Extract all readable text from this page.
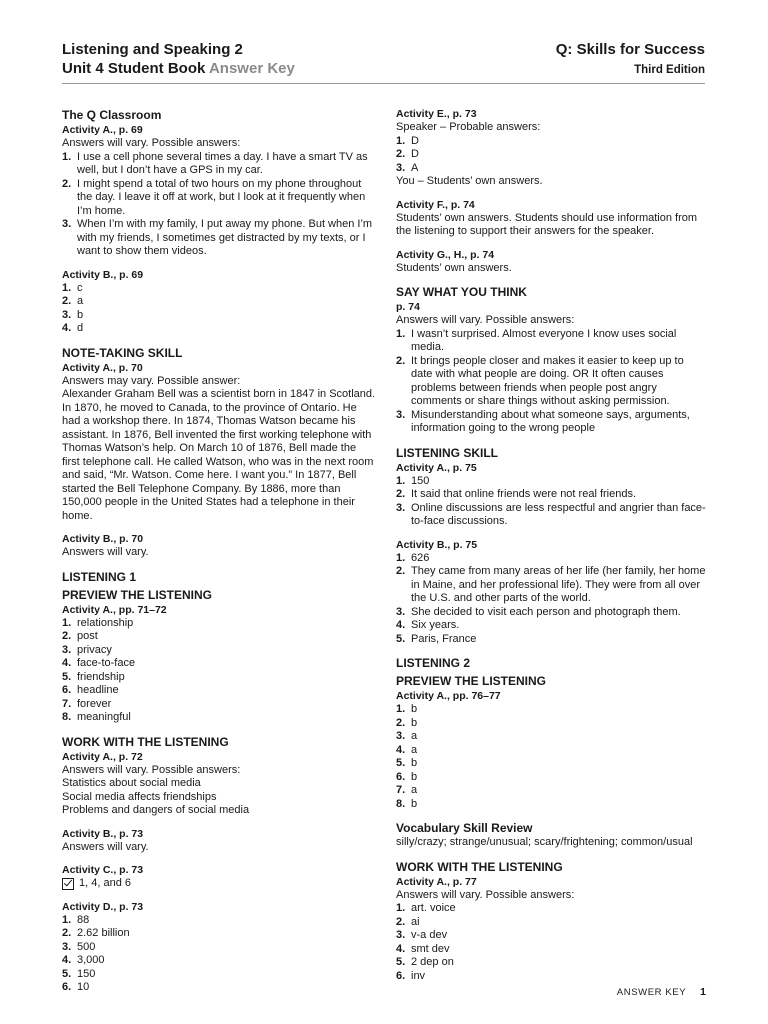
Listening and Speaking 2
Unit 4 Student Book Answer Key
Q: Skills for Success
Third Edition
The Q Classroom
Activity A., p. 69
Answers will vary. Possible answers:
1. I use a cell phone several times a day. I have a smart TV as well, but I don’t have a GPS in my car.
2. I might spend a total of two hours on my phone throughout the day. I leave it off at work, but I look at it frequently when I’m home.
3. When I’m with my family, I put away my phone. But when I’m with my friends, I sometimes get distracted by my texts, or I want to show them videos.
Activity B., p. 69
1. c
2. a
3. b
4. d
NOTE-TAKING SKILL
Activity A., p. 70
Answers may vary. Possible answer:
Alexander Graham Bell was a scientist born in 1847 in Scotland. In 1870, he moved to Canada, to the province of Ontario. He had a workshop there. In 1874, Thomas Watson became his assistant. In 1876, Bell invented the first working telephone with Thomas Watson’s help. On March 10 of 1876, Bell made the first telephone call. He called Watson, who was in the next room and said, “Mr. Watson. Come here. I want you.” In 1877, Bell started the Bell Telephone Company. By 1886, more than 150,000 people in the United States had a telephone in their home.
Activity B., p. 70
Answers will vary.
LISTENING 1
PREVIEW THE LISTENING
Activity A., pp. 71–72
1. relationship
2. post
3. privacy
4. face-to-face
5. friendship
6. headline
7. forever
8. meaningful
WORK WITH THE LISTENING
Activity A., p. 72
Answers will vary. Possible answers:
Statistics about social media
Social media affects friendships
Problems and dangers of social media
Activity B., p. 73
Answers will vary.
Activity C., p. 73
1, 4, and 6
Activity D., p. 73
1. 88
2. 2.62 billion
3. 500
4. 3,000
5. 150
6. 10
Activity E., p. 73
Speaker – Probable answers:
1. D
2. D
3. A
You – Students’ own answers.
Activity F., p. 74
Students’ own answers. Students should use information from the listening to support their answers for the speaker.
Activity G., H., p. 74
Students’ own answers.
SAY WHAT YOU THINK
p. 74
Answers will vary. Possible answers:
1. I wasn’t surprised. Almost everyone I know uses social media.
2. It brings people closer and makes it easier to keep up to date with what people are doing. OR It often causes problems between friends when people post angry comments or share things without asking permission.
3. Misunderstanding about what someone says, arguments, information going to the wrong people
LISTENING SKILL
Activity A., p. 75
1. 150
2. It said that online friends were not real friends.
3. Online discussions are less respectful and angrier than face-to-face discussions.
Activity B., p. 75
1. 626
2. They came from many areas of her life (her family, her home in Maine, and her professional life). They were from all over the U.S. and other parts of the world.
3. She decided to visit each person and photograph them.
4. Six years.
5. Paris, France
LISTENING 2
PREVIEW THE LISTENING
Activity A., pp. 76–77
1. b
2. b
3. a
4. a
5. b
6. b
7. a
8. b
Vocabulary Skill Review
silly/crazy; strange/unusual; scary/frightening; common/usual
WORK WITH THE LISTENING
Activity A., p. 77
Answers will vary. Possible answers:
1. art. voice
2. ai
3. v-a dev
4. smt dev
5. 2 dep on
6. inv
ANSWER KEY 1
